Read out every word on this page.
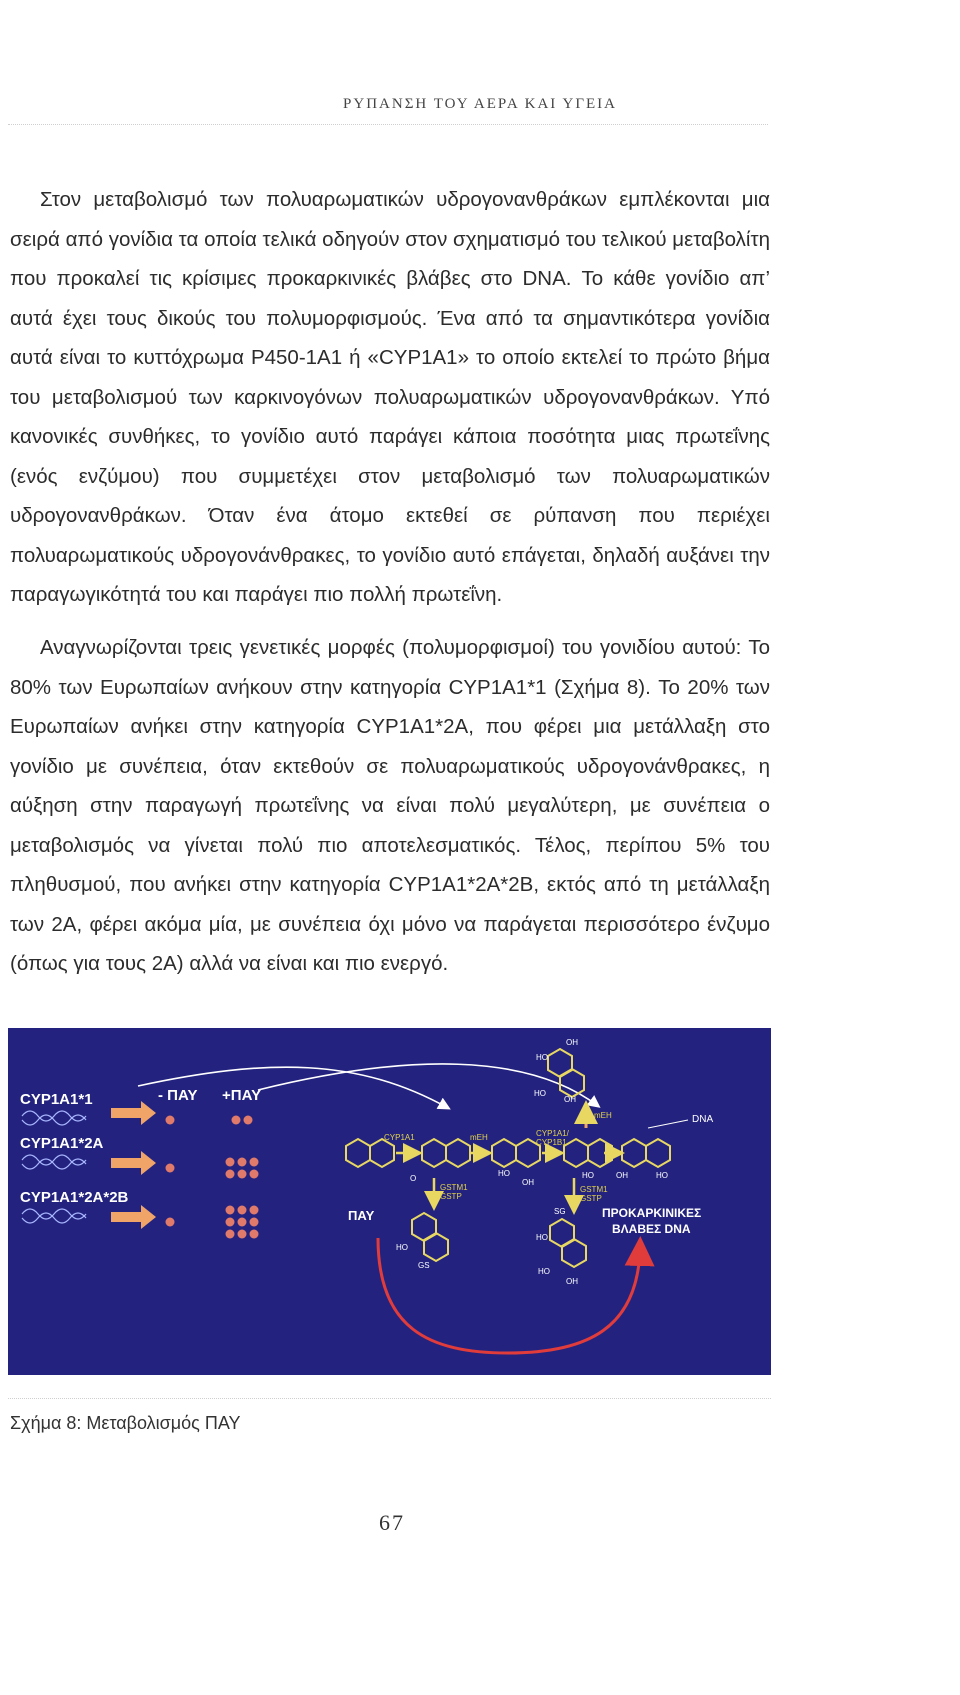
ΡΥΠΑΝΣΗ ΤΟΥ ΑΕΡΑ ΚΑΙ ΥΓΕΙΑ

Στον μεταβολισμό των πολυαρωματικών υδρογονανθράκων εμπλέκονται μια σειρά από γονίδια τα οποία τελικά οδηγούν στον σχηματισμό του τελικού μεταβολίτη που προκαλεί τις κρίσιμες προκαρκινικές βλάβες στο DNA. Το κάθε γονίδιο απ’ αυτά έχει τους δικούς του πολυμορφισμούς. Ένα από τα σημαντικότερα γονίδια αυτά είναι το κυττόχρωμα P450-1A1 ή «CYP1A1» το οποίο εκτελεί το πρώτο βήμα του μεταβολισμού των καρκινογόνων πολυαρωματικών υδρογονανθράκων. Υπό κανονικές συνθήκες, το γονίδιο αυτό παράγει κάποια ποσότητα μιας πρωτεΐνης (ενός ενζύμου) που συμμετέχει στον μεταβολισμό των πολυαρωματικών υδρογονανθράκων. Όταν ένα άτομο εκτεθεί σε ρύπανση που περιέχει πολυαρωματικούς υδρογονάνθρακες, το γονίδιο αυτό επάγεται, δηλαδή αυξάνει την παραγωγικότητά του και παράγει πιο πολλή πρωτεΐνη.

Αναγνωρίζονται τρεις γενετικές μορφές (πολυμορφισμοί) του γονιδίου αυτού: Το 80% των Ευρωπαίων ανήκουν στην κατηγορία CYP1A1*1 (Σχήμα 8). Το 20% των Ευρωπαίων ανήκει στην κατηγορία CYP1A1*2A, που φέρει μια μετάλλαξη στο γονίδιο με συνέπεια, όταν εκτεθούν σε πολυαρωματικούς υδρογονάνθρακες, η αύξηση στην παραγωγή πρωτεΐνης να είναι πολύ μεγαλύτερη, με συνέπεια ο μεταβολισμός να γίνεται πολύ πιο αποτελεσματικός. Τέλος, περίπου 5% του πληθυσμού, που ανήκει στην κατηγορία CYP1A1*2A*2B, εκτός από τη μετάλλαξη των 2A, φέρει ακόμα μία, με συνέπεια όχι μόνο να παράγεται περισσότερο ένζυμο (όπως για τους 2A) αλλά να είναι και πιο ενεργό.

CYP1A1*1
CYP1A1*2A
CYP1A1*2A*2B
- ΠΑΥ +ΠΑΥ
CYP1A1	mEH	CYP1A1/
CYP1B1
mEH
GSTM1
GSTP
GSTM1
GSTP
O
HO
OH
HO	OH	HO
OH
HO
HO
OH
HO
GS
SG
HO
HO
OH
DNA
ΠΑΥ	ΠΡΟΚΑΡΚΙΝΙΚΕΣ
ΒΛΑΒΕΣ DNA
Σχήμα 8: Μεταβολισμός ΠΑΥ
67
